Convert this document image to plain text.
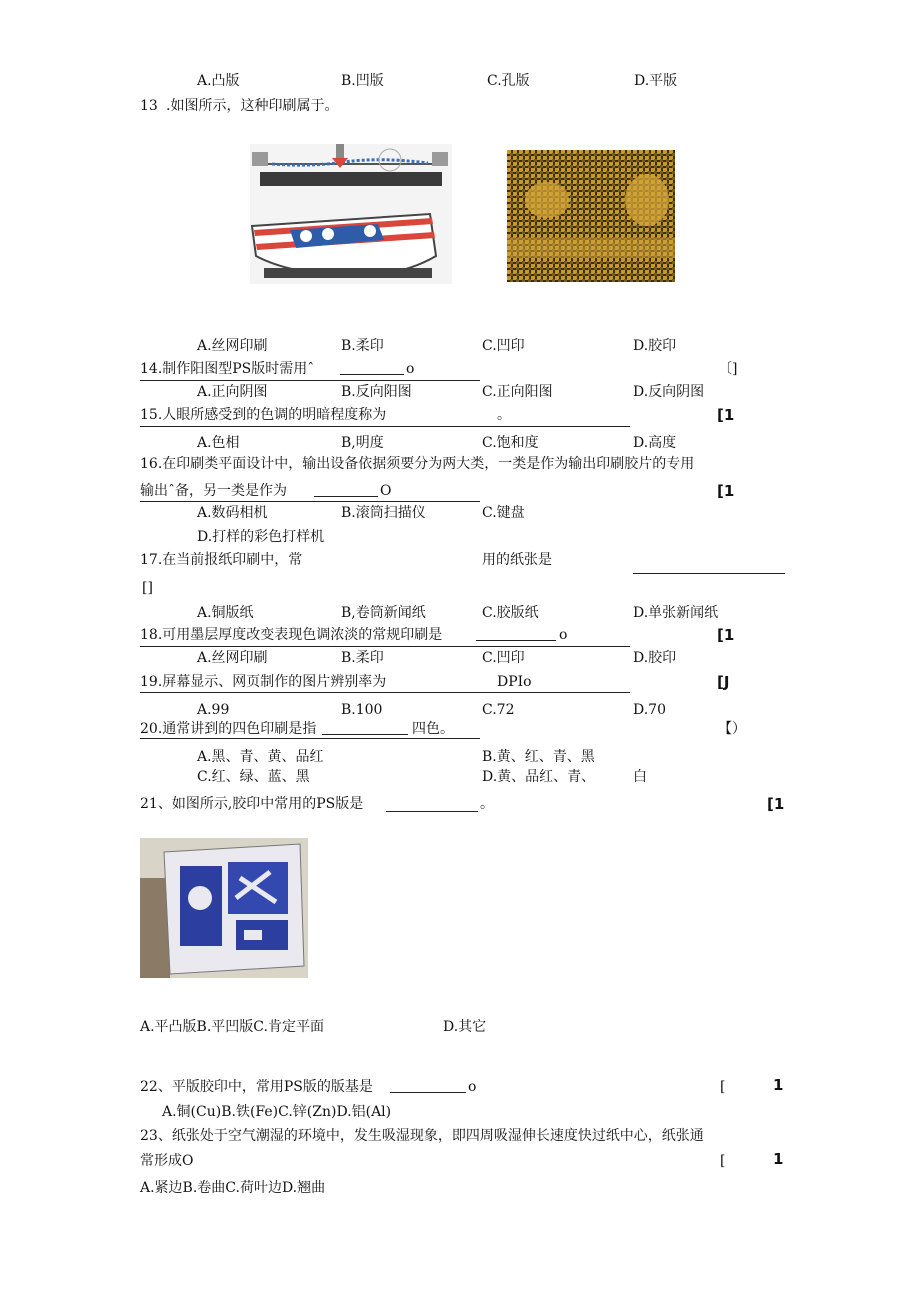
A.凸版	B.凹版	C.孔版	D.平版
13 .如图所示，这种印刷属于。
A.丝网印刷	B.柔印	C.凹印	D.胶印
14.制作阳图型PS版时需用ˆ	o	〔]
A.正向阴图	B.反向阳图	C.正向阳图	D.反向阴图
15.人眼所感受到的色调的明暗程度称为	。	[1
A.色相	B,明度	C.饱和度	D.高度
16.在印刷类平面设计中，输出设备依据须要分为两大类，一类是作为输出印刷胶片的专用
输出ˆ备，另一类是作为	O	[1
A.数码相机	B.滚筒扫描仪	C.键盘
D.打样的彩色打样机
17.在当前报纸印刷中，常	用的纸张是
[]
A.铜版纸	B,卷筒新闻纸	C.胶版纸	D.单张新闻纸
18.可用墨层厚度改变表现色调浓淡的常规印刷是	o	[1
A.丝网印刷	B.柔印	C.凹印	D.胶印
19.屏幕显示、网页制作的图片辨别率为	DPIo	[J
A.99	B.100	C.72	D.70
20.通常讲到的四色印刷是指	四色。	【）
A.黑、青、黄、品红	B.黄、红、青、黑
C.红、绿、蓝、黑	D.黄、品红、青、	白
21、如图所示,胶印中常用的PS版是	。	[1
A.平凸版B.平凹版C.肯定平面	D.其它
22、平版胶印中，常用PS版的版基是	o	[	1
A.铜(Cu)B.铁(Fe)C.锌(Zn)D.铝(Al)
23、纸张处于空气潮湿的环境中，发生吸湿现象，即四周吸湿伸长速度快过纸中心，纸张通
常形成O	[	1
A.紧边B.卷曲C.荷叶边D.翘曲
